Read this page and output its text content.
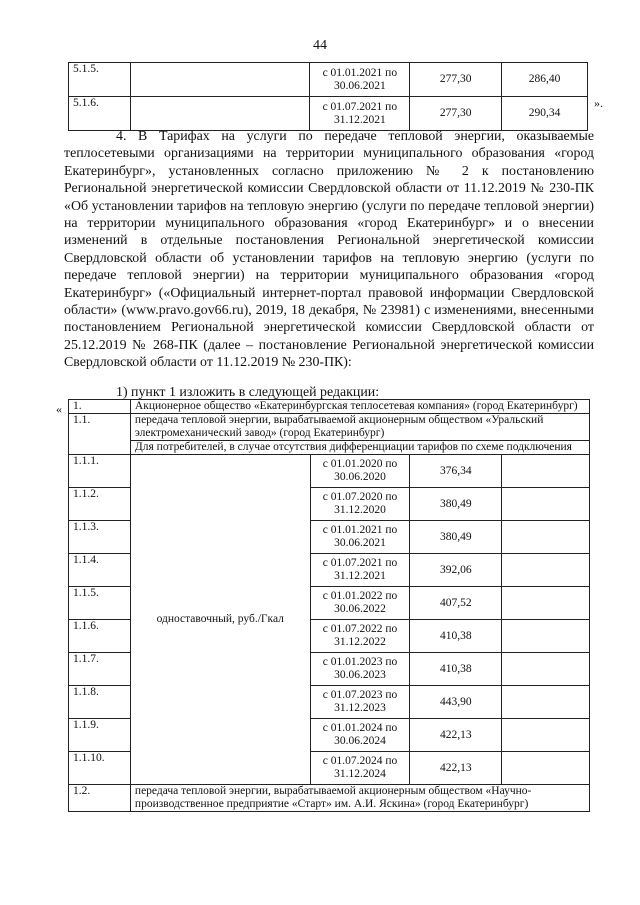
44
5.1.5.		с 01.01.2021 по 30.06.2021	277,30	286,40
5.1.6.		с 01.07.2021 по 31.12.2021	277,30	290,34
».

4. В Тарифах на услуги по передаче тепловой энергии, оказываемые теплосетевыми организациями на территории муниципального образования «город Екатеринбург», установленных согласно приложению № 2 к постановлению Региональной энергетической комиссии Свердловской области от 11.12.2019 № 230-ПК «Об установлении тарифов на тепловую энергию (услуги по передаче тепловой энергии) на территории муниципального образования «город Екатеринбург» и о внесении изменений в отдельные постановления Региональной энергетической комиссии Свердловской области об установлении тарифов на тепловую энергию (услуги по передаче тепловой энергии) на территории муниципального образования «город Екатеринбург» («Официальный интернет-портал правовой информации Свердловской области» (www.pravo.gov66.ru), 2019, 18 декабря, № 23981) с изменениями, внесенными постановлением Региональной энергетической комиссии Свердловской области от 25.12.2019 № 268-ПК (далее – постановление Региональной энергетической комиссии Свердловской области от 11.12.2019 № 230-ПК):

1) пункт 1 изложить в следующей редакции:
« 1.	Акционерное общество «Екатеринбургская теплосетевая компания» (город Екатеринбург)			
1.1.	передача тепловой энергии, вырабатываемой акционерным обществом «Уральский электромеханический завод» (город Екатеринбург)			
	Для потребителей, в случае отсутствия дифференциации тарифов по схеме подключения			
1.1.1.	одноставочный, руб./Гкал	с 01.01.2020 по 30.06.2020	376,34	
1.1.2.		с 01.07.2020 по 31.12.2020	380,49	
1.1.3.		с 01.01.2021 по 30.06.2021	380,49	
1.1.4.		с 01.07.2021 по 31.12.2021	392,06	
1.1.5.		с 01.01.2022 по 30.06.2022	407,52	
1.1.6.		с 01.07.2022 по 31.12.2022	410,38	
1.1.7.		с 01.01.2023 по 30.06.2023	410,38	
1.1.8.		с 01.07.2023 по 31.12.2023	443,90	
1.1.9.		с 01.01.2024 по 30.06.2024	422,13	
1.1.10.		с 01.07.2024 по 31.12.2024	422,13	
1.2.	передача тепловой энергии, вырабатываемой акционерным обществом «Научно-производственное предприятие «Старт» им. А.И. Яскина» (город Екатеринбург)			
